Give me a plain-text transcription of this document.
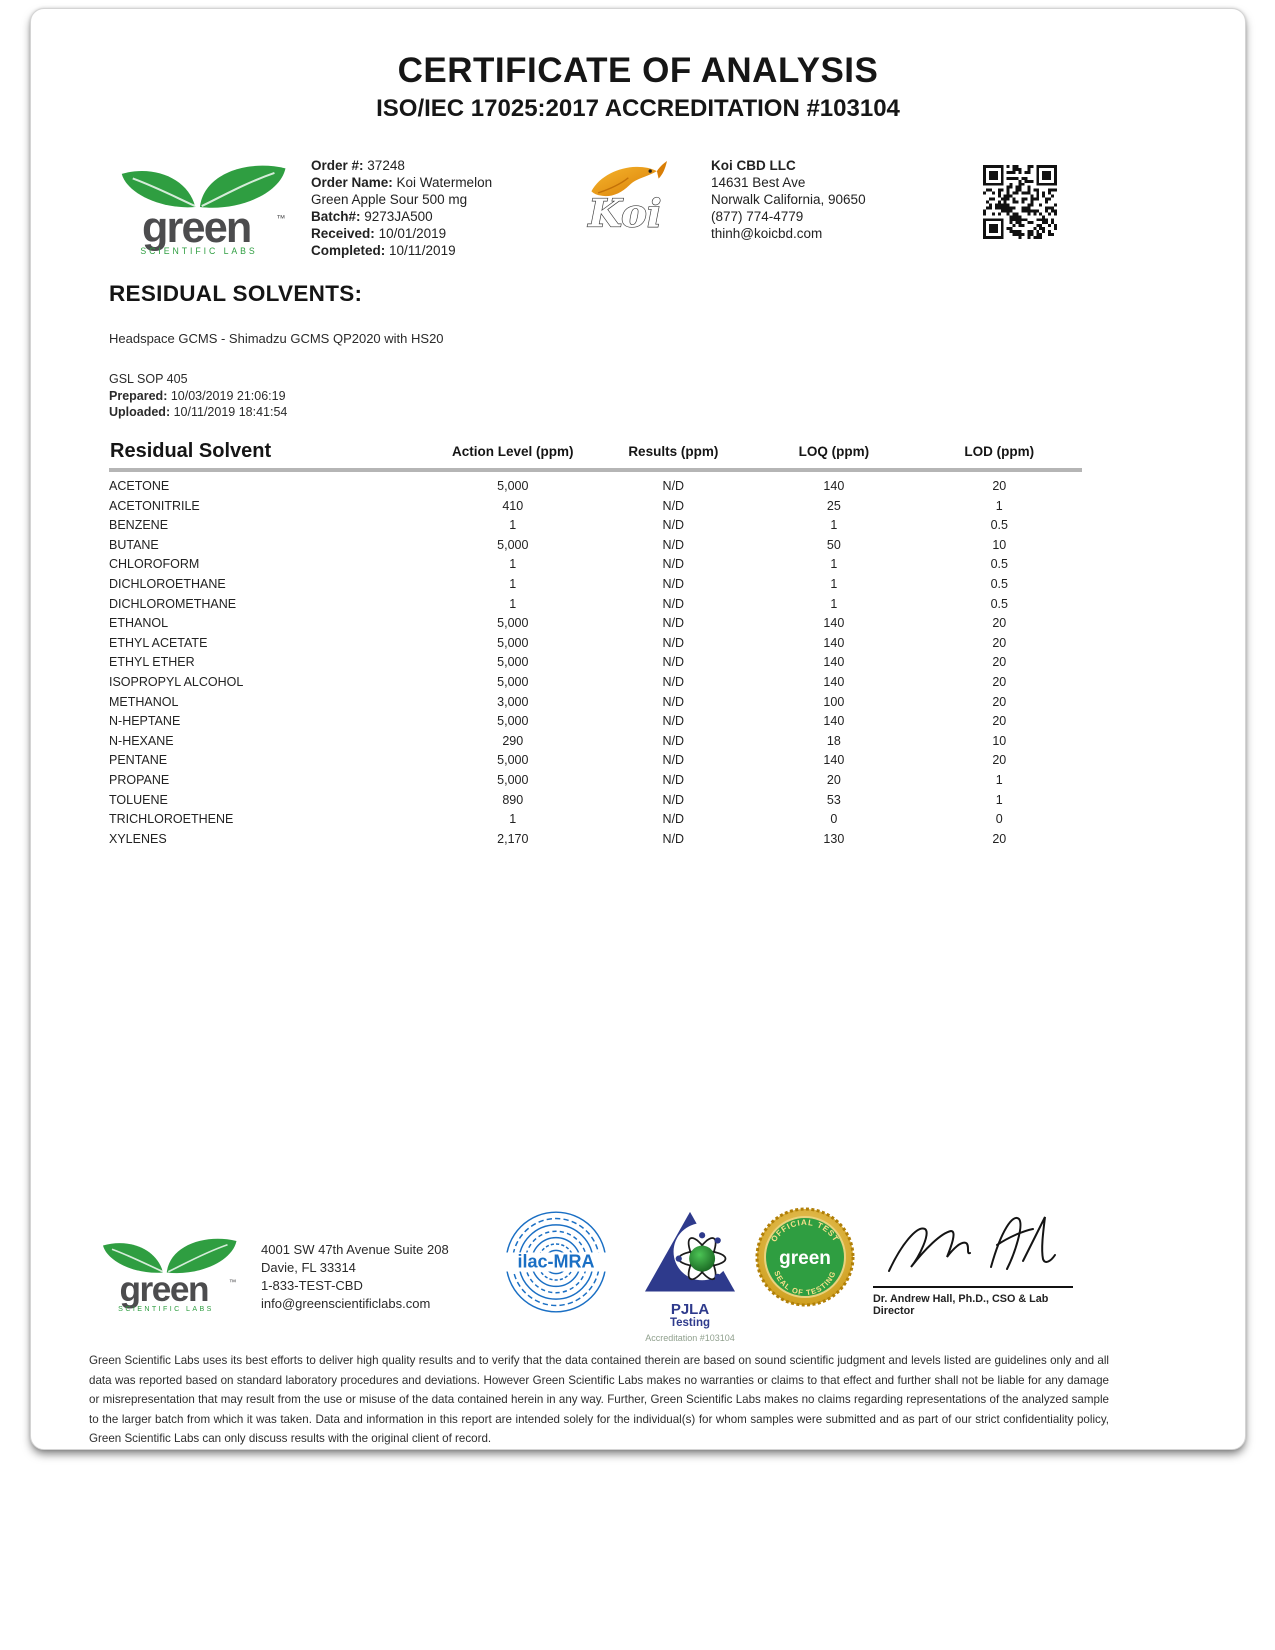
CERTIFICATE OF ANALYSIS
ISO/IEC 17025:2017 ACCREDITATION #103104
Order #: 37248
Order Name: Koi Watermelon Green Apple Sour 500 mg
Batch#: 9273JA500
Received: 10/01/2019
Completed: 10/11/2019
Koi
Koi CBD LLC
14631 Best Ave
Norwalk California, 90650
(877) 774-4779
thinh@koicbd.com
RESIDUAL SOLVENTS:
Headspace GCMS - Shimadzu GCMS QP2020 with HS20
GSL SOP 405
Prepared: 10/03/2019 21:06:19
Uploaded: 10/11/2019 18:41:54
Residual Solvent	Action Level (ppm)	Results (ppm)	LOQ (ppm)	LOD (ppm)
ACETONE	5,000	N/D	140	20
ACETONITRILE	410	N/D	25	1
BENZENE	1	N/D	1	0.5
BUTANE	5,000	N/D	50	10
CHLOROFORM	1	N/D	1	0.5
DICHLOROETHANE	1	N/D	1	0.5
DICHLOROMETHANE	1	N/D	1	0.5
ETHANOL	5,000	N/D	140	20
ETHYL ACETATE	5,000	N/D	140	20
ETHYL ETHER	5,000	N/D	140	20
ISOPROPYL ALCOHOL	5,000	N/D	140	20
METHANOL	3,000	N/D	100	20
N-HEPTANE	5,000	N/D	140	20
N-HEXANE	290	N/D	18	10
PENTANE	5,000	N/D	140	20
PROPANE	5,000	N/D	20	1
TOLUENE	890	N/D	53	1
TRICHLOROETHENE	1	N/D	0	0
XYLENES	2,170	N/D	130	20
4001 SW 47th Avenue Suite 208
Davie, FL 33314
1-833-TEST-CBD
info@greenscientificlabs.com
ilac-MRA
PJLA
Testing
Accreditation #103104
OFFICIAL TEST
green
SEAL OF TESTING
Dr. Andrew Hall, Ph.D., CSO & Lab Director
Green Scientific Labs uses its best efforts to deliver high quality results and to verify that the data contained therein are based on sound scientific judgment and levels listed are guidelines only and all data was reported based on standard laboratory procedures and deviations. However Green Scientific Labs makes no warranties or claims to that effect and further shall not be liable for any damage or misrepresentation that may result from the use or misuse of the data contained herein in any way. Further, Green Scientific Labs makes no claims regarding representations of the analyzed sample to the larger batch from which it was taken. Data and information in this report are intended solely for the individual(s) for whom samples were submitted and as part of our strict confidentiality policy, Green Scientific Labs can only discuss results with the original client of record.
